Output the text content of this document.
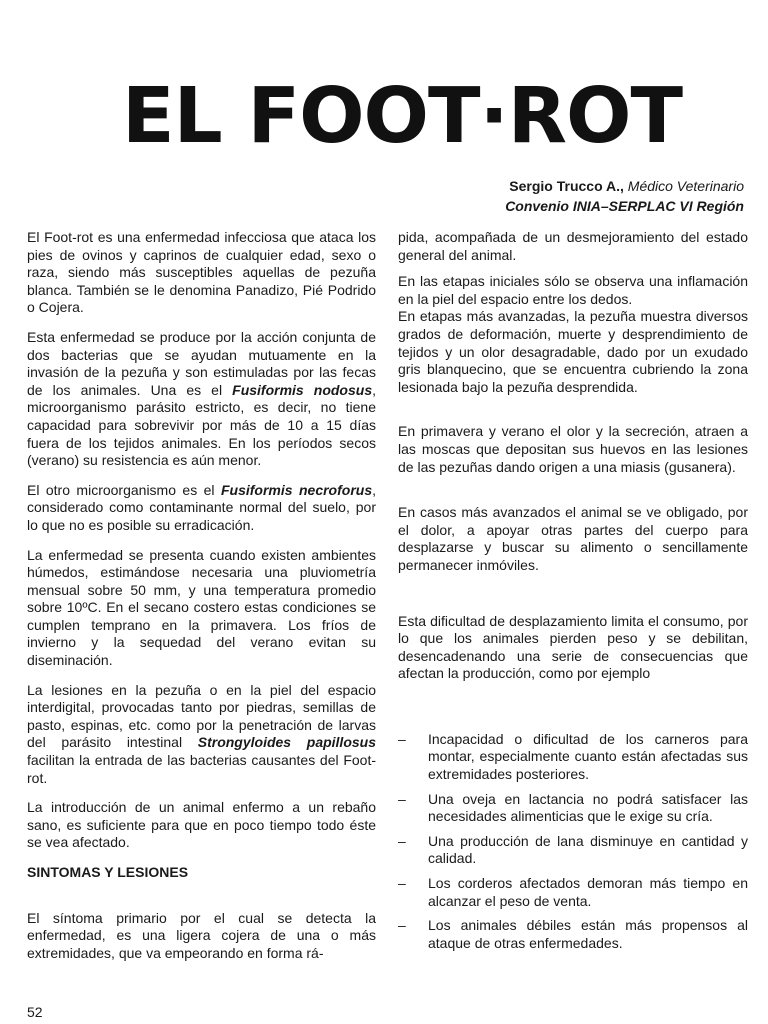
EL FOOT·ROT
Sergio Trucco A., Médico Veterinario
Convenio INIA–SERPLAC VI Región

El Foot-rot es una enfermedad infecciosa que ataca los pies de ovinos y caprinos de cualquier edad, sexo o raza, siendo más susceptibles aquellas de pezuña blanca. También se le denomina Panadizo, Pié Podrido o Cojera.

Esta enfermedad se produce por la acción conjunta de dos bacterias que se ayudan mutuamente en la invasión de la pezuña y son estimuladas por las fecas de los animales. Una es el Fusiformis nodosus, microorganismo parásito estricto, es decir, no tiene capacidad para sobrevivir por más de 10 a 15 días fuera de los tejidos animales. En los períodos secos (verano) su resistencia es aún menor.

El otro microorganismo es el Fusiformis necroforus, considerado como contaminante normal del suelo, por lo que no es posible su erradicación.

La enfermedad se presenta cuando existen ambientes húmedos, estimándose necesaria una pluviometría mensual sobre 50 mm, y una temperatura promedio sobre 10ºC. En el secano costero estas condiciones se cumplen temprano en la primavera. Los fríos de invierno y la sequedad del verano evitan su diseminación.

La lesiones en la pezuña o en la piel del espacio interdigital, provocadas tanto por piedras, semillas de pasto, espinas, etc. como por la penetración de larvas del parásito intestinal Strongyloides papillosus facilitan la entrada de las bacterias causantes del Foot-rot.

La introducción de un animal enfermo a un rebaño sano, es suficiente para que en poco tiempo todo éste se vea afectado.

SINTOMAS Y LESIONES

El síntoma primario por el cual se detecta la enfermedad, es una ligera cojera de una o más extremidades, que va empeorando en forma rá-

pida, acompañada de un desmejoramiento del estado general del animal.

En las etapas iniciales sólo se observa una inflamación en la piel del espacio entre los dedos.

En etapas más avanzadas, la pezuña muestra diversos grados de deformación, muerte y desprendimiento de tejidos y un olor desagradable, dado por un exudado gris blanquecino, que se encuentra cubriendo la zona lesionada bajo la pezuña desprendida.

En primavera y verano el olor y la secreción, atraen a las moscas que depositan sus huevos en las lesiones de las pezuñas dando origen a una miasis (gusanera).

En casos más avanzados el animal se ve obligado, por el dolor, a apoyar otras partes del cuerpo para desplazarse y buscar su alimento o sencillamente permanecer inmóviles.

Esta dificultad de desplazamiento limita el consumo, por lo que los animales pierden peso y se debilitan, desencadenando una serie de consecuencias que afectan la producción, como por ejemplo

– Incapacidad o dificultad de los carneros para montar, especialmente cuanto están afectadas sus extremidades posteriores.
– Una oveja en lactancia no podrá satisfacer las necesidades alimenticias que le exige su cría.
– Una producción de lana disminuye en cantidad y calidad.
– Los corderos afectados demoran más tiempo en alcanzar el peso de venta.
– Los animales débiles están más propensos al ataque de otras enfermedades.
52
